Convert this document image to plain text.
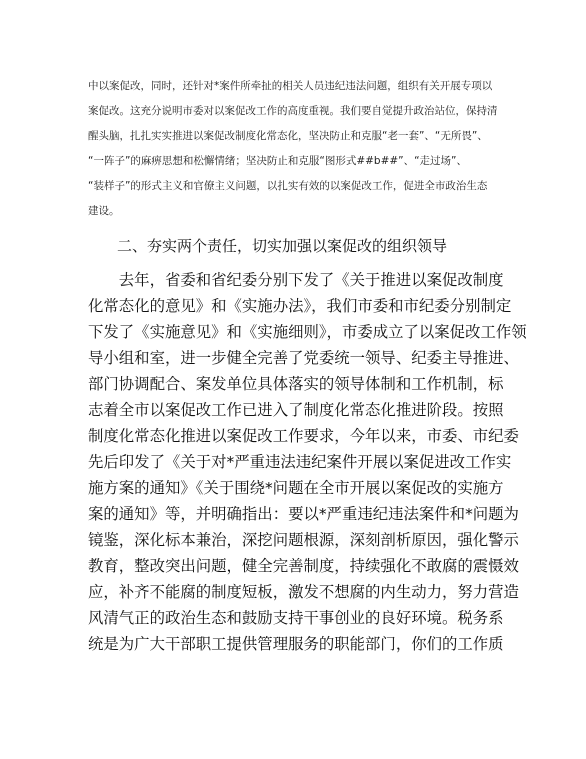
中以案促改，同时，还针对*案件所牵扯的相关人员违纪违法问题，组织有关开展专项以
案促改。这充分说明市委对以案促改工作的高度重视。我们要自觉提升政治站位，保持清
醒头脑，扎扎实实推进以案促改制度化常态化，坚决防止和克服“老一套”、“无所畏”、
“一阵子”的麻痹思想和松懈情绪；坚决防止和克服“图形式##b##”、“走过场”、
“装样子”的形式主义和官僚主义问题，以扎实有效的以案促改工作，促进全市政治生态
建设。
二、夯实两个责任，切实加强以案促改的组织领导
　　去年，省委和省纪委分别下发了《关于推进以案促改制度
化常态化的意见》和《实施办法》，我们市委和市纪委分别制定
下发了《实施意见》和《实施细则》，市委成立了以案促改工作领
导小组和室，进一步健全完善了党委统一领导、纪委主导推进、
部门协调配合、案发单位具体落实的领导体制和工作机制，标
志着全市以案促改工作已进入了制度化常态化推进阶段。按照
制度化常态化推进以案促改工作要求，今年以来，市委、市纪委
先后印发了《关于对*严重违法违纪案件开展以案促进改工作实
施方案的通知》《关于围绕*问题在全市开展以案促改的实施方
案的通知》等，并明确指出：要以*严重违纪违法案件和*问题为
镜鉴，深化标本兼治，深挖问题根源，深刻剖析原因，强化警示
教育，整改突出问题，健全完善制度，持续强化不敢腐的震慑效
应，补齐不能腐的制度短板，激发不想腐的内生动力，努力营造
风清气正的政治生态和鼓励支持干事创业的良好环境。税务系
统是为广大干部职工提供管理服务的职能部门，你们的工作质
